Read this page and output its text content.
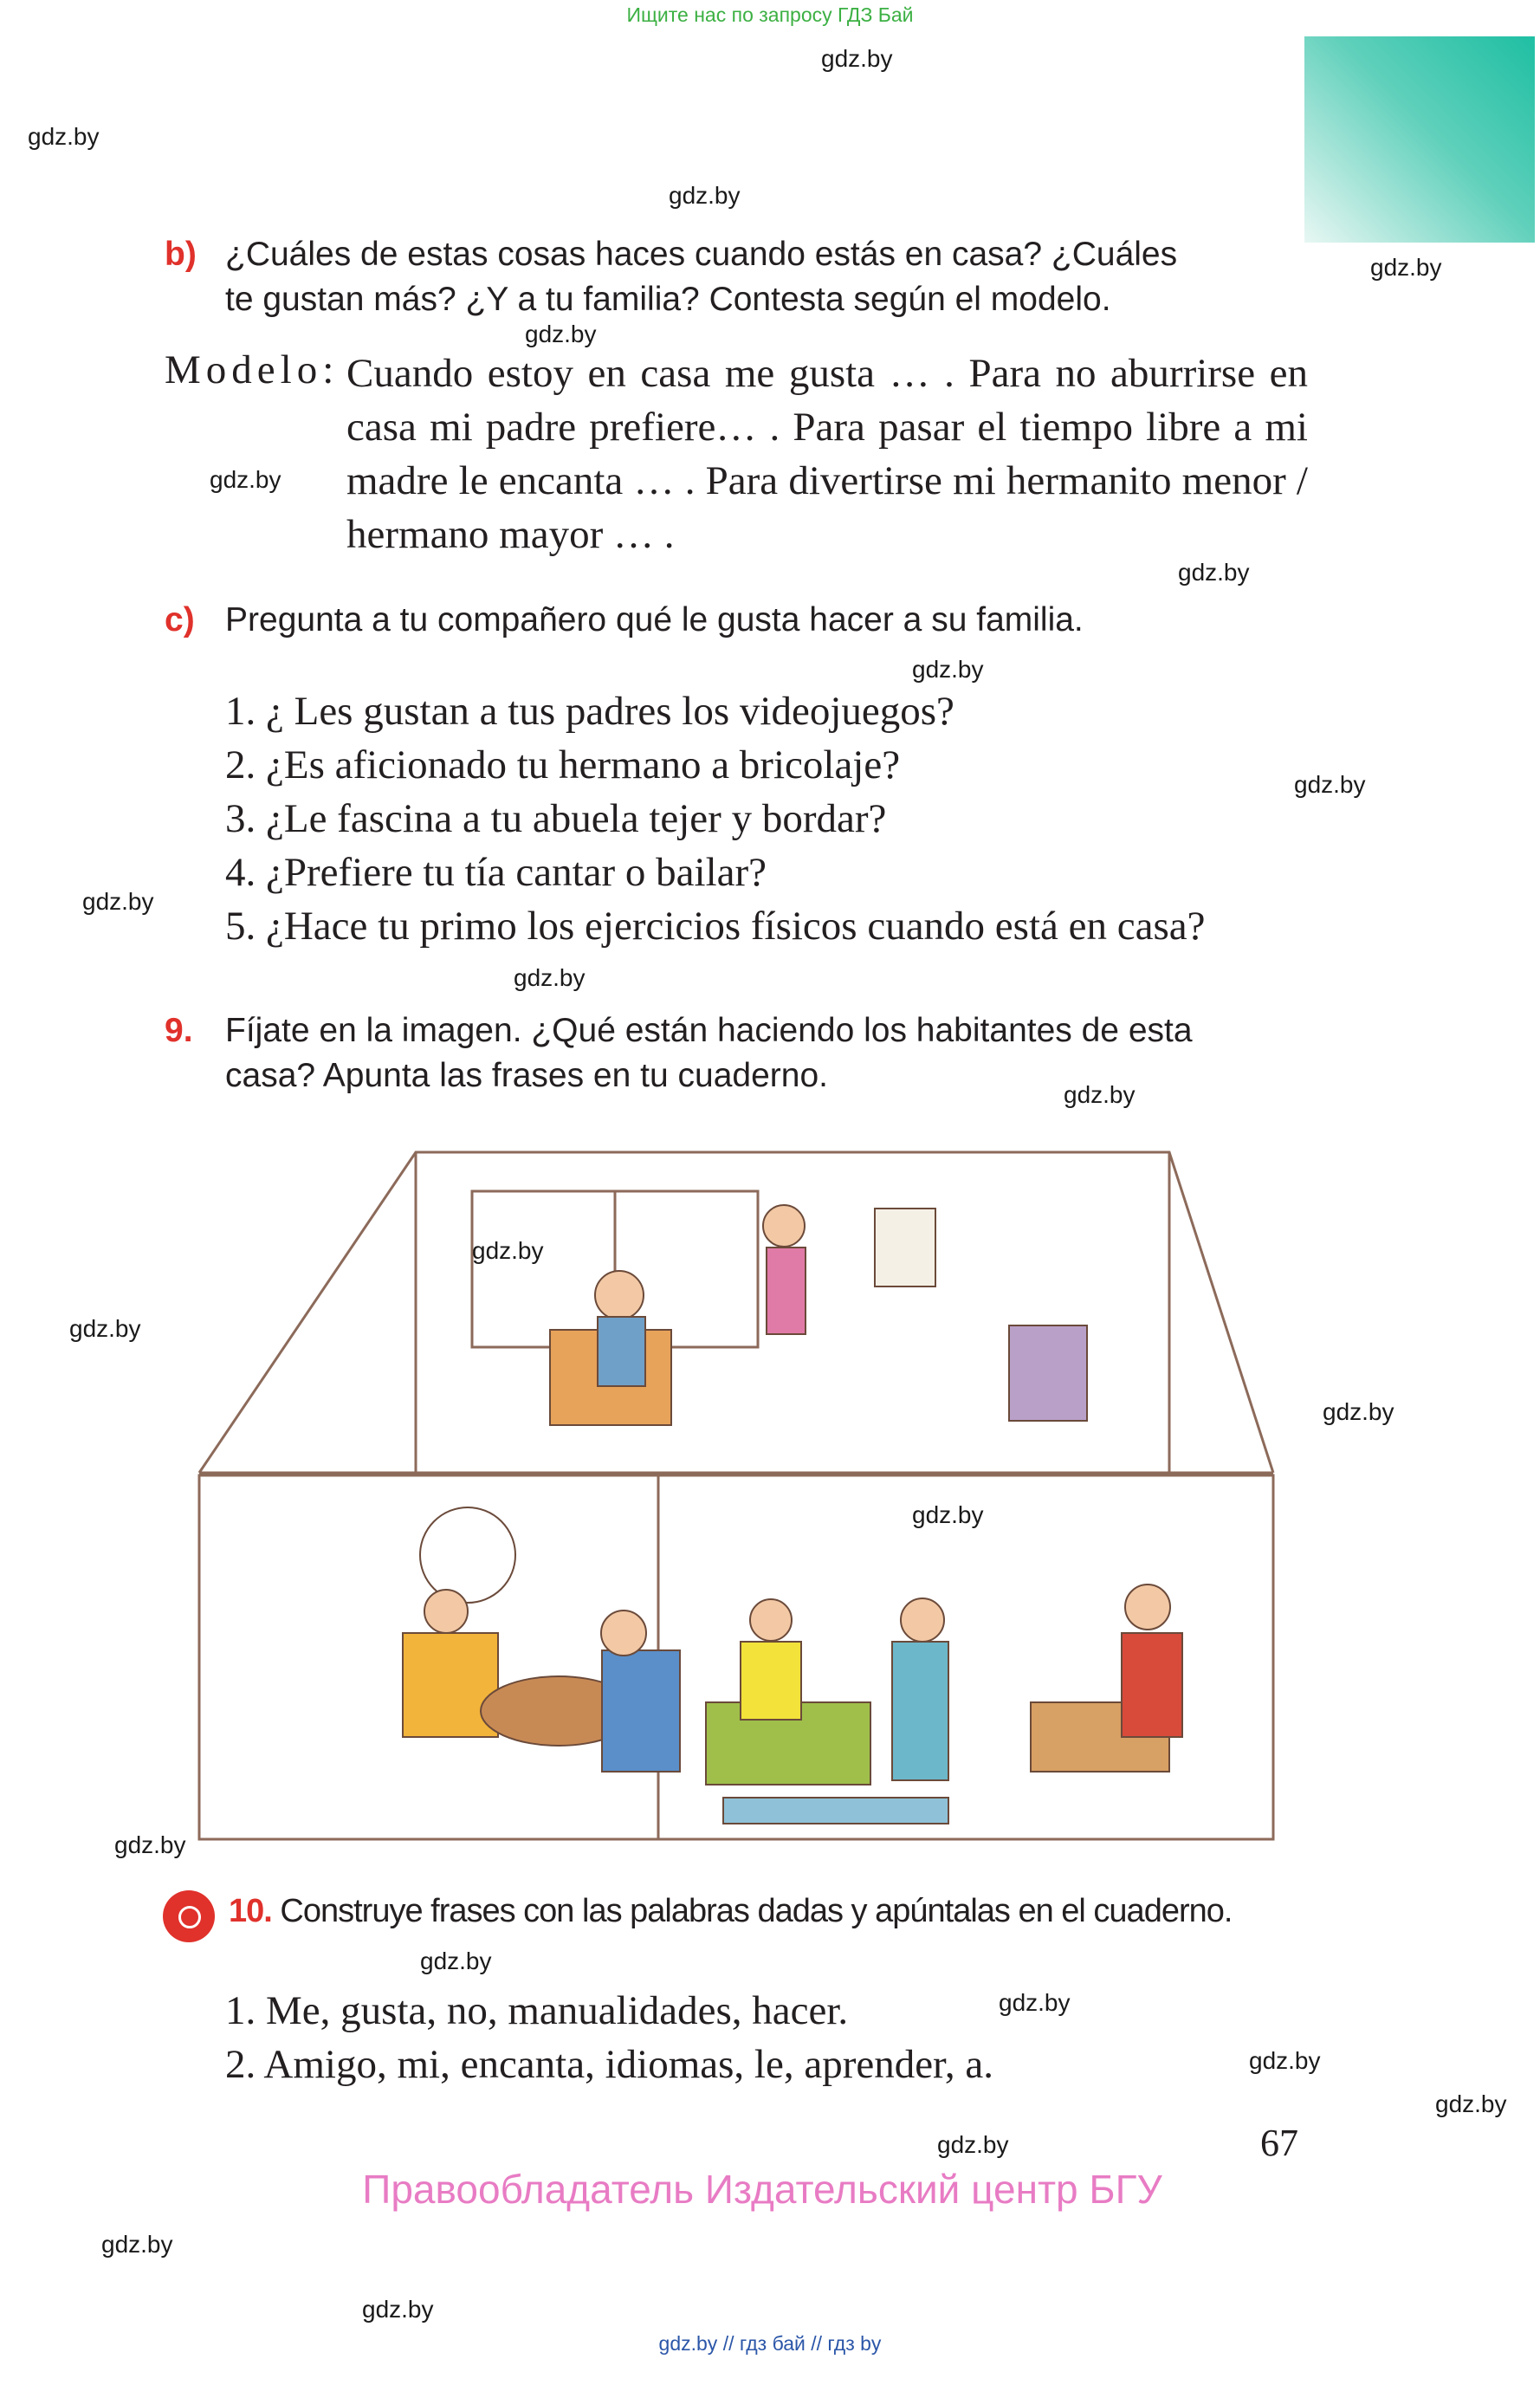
Ищите нас по запросу ГДЗ Бай
gdz.by
gdz.by
gdz.by
gdz.by
gdz.by
gdz.by
gdz.by
gdz.by
gdz.by
gdz.by
gdz.by
gdz.by
b) ¿Cuáles de estas cosas haces cuando estás en casa? ¿Cuáles
te gustan más? ¿Y a tu familia? Contesta según el modelo.
Modelo: Cuando estoy en casa me gusta … . Para no aburrirse en casa mi padre prefiere… . Para pasar el tiempo libre a mi madre le encanta … . Para divertirse mi hermanito menor / hermano mayor … .
c) Pregunta a tu compañero qué le gusta hacer a su familia.
1. ¿ Les gustan a tus padres los videojuegos?
2. ¿Es aficionado tu hermano a bricolaje?
3. ¿Le fascina a tu abuela tejer y bordar?
4. ¿Prefiere tu tía cantar o bailar?
5. ¿Hace tu primo los ejercicios físicos cuando está en casa?
9. Fíjate en la imagen. ¿Qué están haciendo los habitantes de esta
casa? Apunta las frases en tu cuaderno.
gdz.by
gdz.by
gdz.by
gdz.by
gdz.by
10. Construye frases con las palabras dadas y apúntalas en el cuaderno.
gdz.by
gdz.by
gdz.by
gdz.by
1. Me, gusta, no, manualidades, hacer.
2. Amigo, mi, encanta, idiomas, le, aprender, a.
67
gdz.by
Правообладатель Издательский центр БГУ
gdz.by
gdz.by
gdz.by // гдз бай // гдз by
